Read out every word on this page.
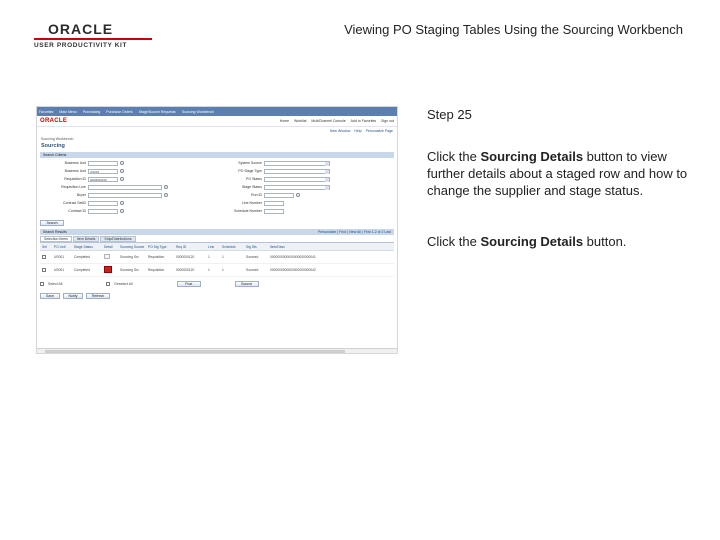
ORACLE
USER PRODUCTIVITY KIT
Viewing PO Staging Tables Using the Sourcing Workbench
Step 25
Click the Sourcing Details button to view further details about a staged row and how to change the supplier and stage status.
Click the Sourcing Details button.
Favorites Main Menu Purchasing Purchase Orders Stage/Source Requests Sourcing Workbench
ORACLE	Home Worklist MultiChannel Console Add to Favorites Sign out
New Window Help Personalize Page
Sourcing Workbench
Sourcing
Search Criteria
Business Unit
Business Unit	US001
Requisition ID	0000000120
Requisition Line
Buyer
Contract SetID
Contract ID
System Source
PO Stage Type
PO Status
Stage Status
Run ID
Line Number
Schedule Number
Search
Search Results	Personalize | Find | View All | First 1-2 of 2 Last
Selection Items	Item Details	Ship/Distributions
Sel	PO Unit	Stage Status	Detail	Sourcing Source	PO Stg Type	Req ID	Line	Schedule	Stg Sts	Item/Desc
US001	Completed	Sourcing Src	Requisition	0000000120	1	1	Sourced	0000000000000000000000041
US001	Completed	Sourcing Src	Requisition	0000000120	1	1	Sourced	0000000000000000000000042
Select All	Deselect All	Post	Source
Save	Notify	Refresh
